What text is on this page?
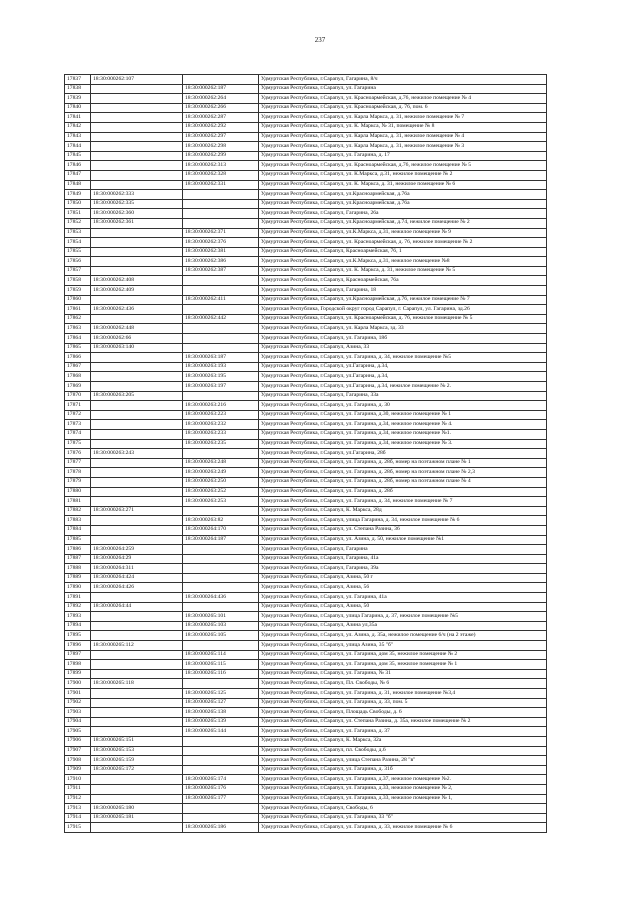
237
17837	18:30:000262:107		Удмуртская Республика, г.Сарапул, Гагарина, 8/ч
17838		18:30:000262:187	Удмуртская Республика, г.Сарапул, ул. Гагарина
17839		18:30:000262:264	Удмуртская Республика, г.Сарапул, ул. Красноармейская, д.76, нежилое помещение № 4
17840		18:30:000262:266	Удмуртская Республика, г.Сарапул, ул. Красноармейская, д. 76, пом. 6
17841		18:30:000262:287	Удмуртская Республика, г.Сарапул, ул. Карла Маркса, д. 31, нежилое помещение № 7
17842		18:30:000262:292	Удмуртская Республика, г.Сарапул, ул. К. Маркса, № 31, помещение № 8
17843		18:30:000262:297	Удмуртская Республика, г.Сарапул, ул. Карла Маркса, д. 31, нежилое помещение № 4
17844		18:30:000262:298	Удмуртская Республика, г.Сарапул, ул. Карла Маркса, д. 31, нежилое помещение № 3
17845		18:30:000262:299	Удмуртская Республика, г.Сарапул, ул. Гагарина, д. 17
17846		18:30:000262:313	Удмуртская Республика, г.Сарапул, ул. Красноармейская, д.76, нежилое помещение № 5
17847		18:30:000262:328	Удмуртская Республика, г.Сарапул, ул. К.Маркса, д.31, нежилое помещение № 2
17848		18:30:000262:331	Удмуртская Республика, г.Сарапул, ул. К. Маркса, д. 31, нежилое помещение № 6
17849	18:30:000262:333		Удмуртская Республика, г.Сарапул, ул.Красноармейская, д.76а
17850	18:30:000262:335		Удмуртская Республика, г.Сарапул, ул.Красноармейская, д.76а
17851	18:30:000262:360		Удмуртская Республика, г.Сарапул, Гагарина, 26а
17852	18:30:000262:361		Удмуртская Республика, г.Сарапул, ул.Красноармейская, д.74, нежилое помещение № 2
17853		18:30:000262:371	Удмуртская Республика, г.Сарапул, ул.К.Маркса, д.31, нежилое помещение № 9
17854		18:30:000262:376	Удмуртская Республика, г.Сарапул, ул. Красноармейская, д. 76, нежилое помещение № 2
17855		18:30:000262:381	Удмуртская Республика, г.Сарапул, Красноармейская, 76, 1
17856		18:30:000262:386	Удмуртская Республика, г.Сарапул, ул.К.Маркса, д.31, нежилое помещение №8
17857		18:30:000262:387	Удмуртская Республика, г.Сарапул, ул. К. Маркса, д. 31, нежилое помещение № 5
17858	18:30:000262:408		Удмуртская Республика, г.Сарапул, Красноармейская, 76а
17859	18:30:000262:409		Удмуртская Республика, г.Сарапул, Гагарина, 18
17860		18:30:000262:411	Удмуртская Республика, г.Сарапул, ул.Красноармейская, д.76, нежилое помещение № 7
17861	18:30:000262:436		Удмуртская Республика, Городской округ город Сарапул, г. Сарапул, ул. Гагарина, зд.26
17862		18:30:000262:442	Удмуртская Республика, г.Сарапул, ул. Красноармейская, д. 76, нежилое помещение № 5
17863	18:30:000262:448		Удмуртская Республика, г.Сарапул, ул. Карла Маркса, зд. 33
17864	18:30:000262:66		Удмуртская Республика, г.Сарапул, ул. Гагарина, 18б
17865	18:30:000263:140		Удмуртская Республика, г.Сарапул, Азина, 33
17866		18:30:000263:187	Удмуртская Республика, г.Сарапул, ул. Гагарина, д. 34, нежилое помещение №5
17867		18:30:000263:193	Удмуртская Республика, г.Сарапул, ул.Гагарина, д.34,
17868		18:30:000263:195	Удмуртская Республика, г.Сарапул, ул.Гагарина, д.34,
17869		18:30:000263:197	Удмуртская Республика, г.Сарапул, ул.Гагарина, д.34, нежилое помещение № 2.
17870	18:30:000263:205		Удмуртская Республика, г.Сарапул, Гагарина, 33а
17871		18:30:000263:216	Удмуртская Республика, г.Сарапул, ул. Гагарина, д. 30
17872		18:30:000263:223	Удмуртская Республика, г.Сарапул, ул. Гагарина, д.30, нежилое помещение № 1
17873		18:30:000263:232	Удмуртская Республика, г.Сарапул, ул. Гагарина, д.34, нежилое помещение № 4.
17874		18:30:000263:233	Удмуртская Республика, г.Сарапул, ул. Гагарина, д.34, нежилое помещение №1.
17875		18:30:000263:235	Удмуртская Республика, г.Сарапул, ул. Гагарина, д.34, нежилое помещение № 3.
17876	18:30:000263:243		Удмуртская Республика, г.Сарапул, ул.Гагарина, 28б
17877		18:30:000263:248	Удмуртская Республика, г.Сарапул, ул. Гагарина, д. 28б, номер на поэтажном плане № 1
17878		18:30:000263:249	Удмуртская Республика, г.Сарапул, ул. Гагарина, д. 28б, номер на поэтажном плане № 2,3
17879		18:30:000263:250	Удмуртская Республика, г.Сарапул, ул. Гагарина, д. 28б, номер на поэтажном плане № 4
17880		18:30:000263:252	Удмуртская Республика, г.Сарапул, ул. Гагарина, д. 28б
17881		18:30:000263:253	Удмуртская Республика, г.Сарапул, ул. Гагарина, д. 34, нежилое помещение № 7
17882	18:30:000263:271		Удмуртская Республика, г.Сарапул, К. Маркса, 28д
17883		18:30:000263:82	Удмуртская Республика, г.Сарапул, улица Гагарина, д. 34, нежилое помещение № 6
17884		18:30:000264:170	Удмуртская Республика, г.Сарапул, ул. Степана Разина, 36
17885		18:30:000264:187	Удмуртская Республика, г.Сарапул, ул. Азина, д. 50, нежилое помещение №1
17886	18:30:000264:259		Удмуртская Республика, г.Сарапул, Гагарина
17887	18:30:000264:29		Удмуртская Республика, г.Сарапул, Гагарина, 41а
17888	18:30:000264:311		Удмуртская Республика, г.Сарапул, Гагарина, 39а
17889	18:30:000264:424		Удмуртская Республика, г.Сарапул, Азина, 50 г
17890	18:30:000264:426		Удмуртская Республика, г.Сарапул, Азина, 56
17891		18:30:000264:436	Удмуртская Республика, г.Сарапул, ул. Гагарина, 41а
17892	18:30:000264:44		Удмуртская Республика, г.Сарапул, Азина, 50
17893		18:30:000265:101	Удмуртская Республика, г.Сарапул, улица Гагарина, д. 37, нежилое помещение №5
17894		18:30:000265:103	Удмуртская Республика, г.Сарапул, Азина ул,35а
17895		18:30:000265:105	Удмуртская Республика, г.Сарапул, ул. Азина, д. 35а, нежилое помещение 6/ч (на 2 этаже)
17896	18:30:000265:112		Удмуртская Республика, г.Сарапул, улица Азина, 35 "б"
17897		18:30:000265:114	Удмуртская Республика, г.Сарапул, ул. Гагарина, дом 35, нежилое помещение № 2
17898		18:30:000265:115	Удмуртская Республика, г.Сарапул, ул. Гагарина, дом 35, нежилое помещение № 1
17899		18:30:000265:116	Удмуртская Республика, г.Сарапул, ул. Гагарина, № 31
17900	18:30:000265:118		Удмуртская Республика, г.Сарапул, Пл. Свободы, № 6
17901		18:30:000265:125	Удмуртская Республика, г.Сарапул, ул. Гагарина, д. 31, нежилое помещение №3,4
17902		18:30:000265:127	Удмуртская Республика, г.Сарапул, ул. Гагарина, д. 33, пом. 5
17903		18:30:000265:138	Удмуртская Республика, г.Сарапул, Площадь Свободы, д. 6
17904		18:30:000265:139	Удмуртская Республика, г.Сарапул, ул. Степана Разина, д. 35а, нежилое помещение № 2
17905		18:30:000265:144	Удмуртская Республика, г.Сарапул, ул. Гагарина, д. 37
17906	18:30:000265:151		Удмуртская Республика, г.Сарапул, К. Маркса, 32а
17907	18:30:000265:153		Удмуртская Республика, г.Сарапул, пл. Свободы, д.6
17908	18:30:000265:159		Удмуртская Республика, г.Сарапул, улица Степана Разина, 28 "в"
17909	18:30:000265:172		Удмуртская Республика, г.Сарапул, ул. Гагарина, д. 31б
17910		18:30:000265:174	Удмуртская Республика, г.Сарапул, ул. Гагарина, д.37, нежилое помещение №2.
17911		18:30:000265:176	Удмуртская Республика, г.Сарапул, ул. Гагарина, д.33, нежилое помещение № 2,
17912		18:30:000265:177	Удмуртская Республика, г.Сарапул, ул. Гагарина, д.33, нежилое помещение № 1,
17913	18:30:000265:180		Удмуртская Республика, г.Сарапул, Свободы, 6
17914	18:30:000265:181		Удмуртская Республика, г.Сарапул, ул. Гагарина, 33 "б"
17915		18:30:000265:186	Удмуртская Республика, г.Сарапул, ул. Гагарина, д. 33, нежилое помещение № 6
